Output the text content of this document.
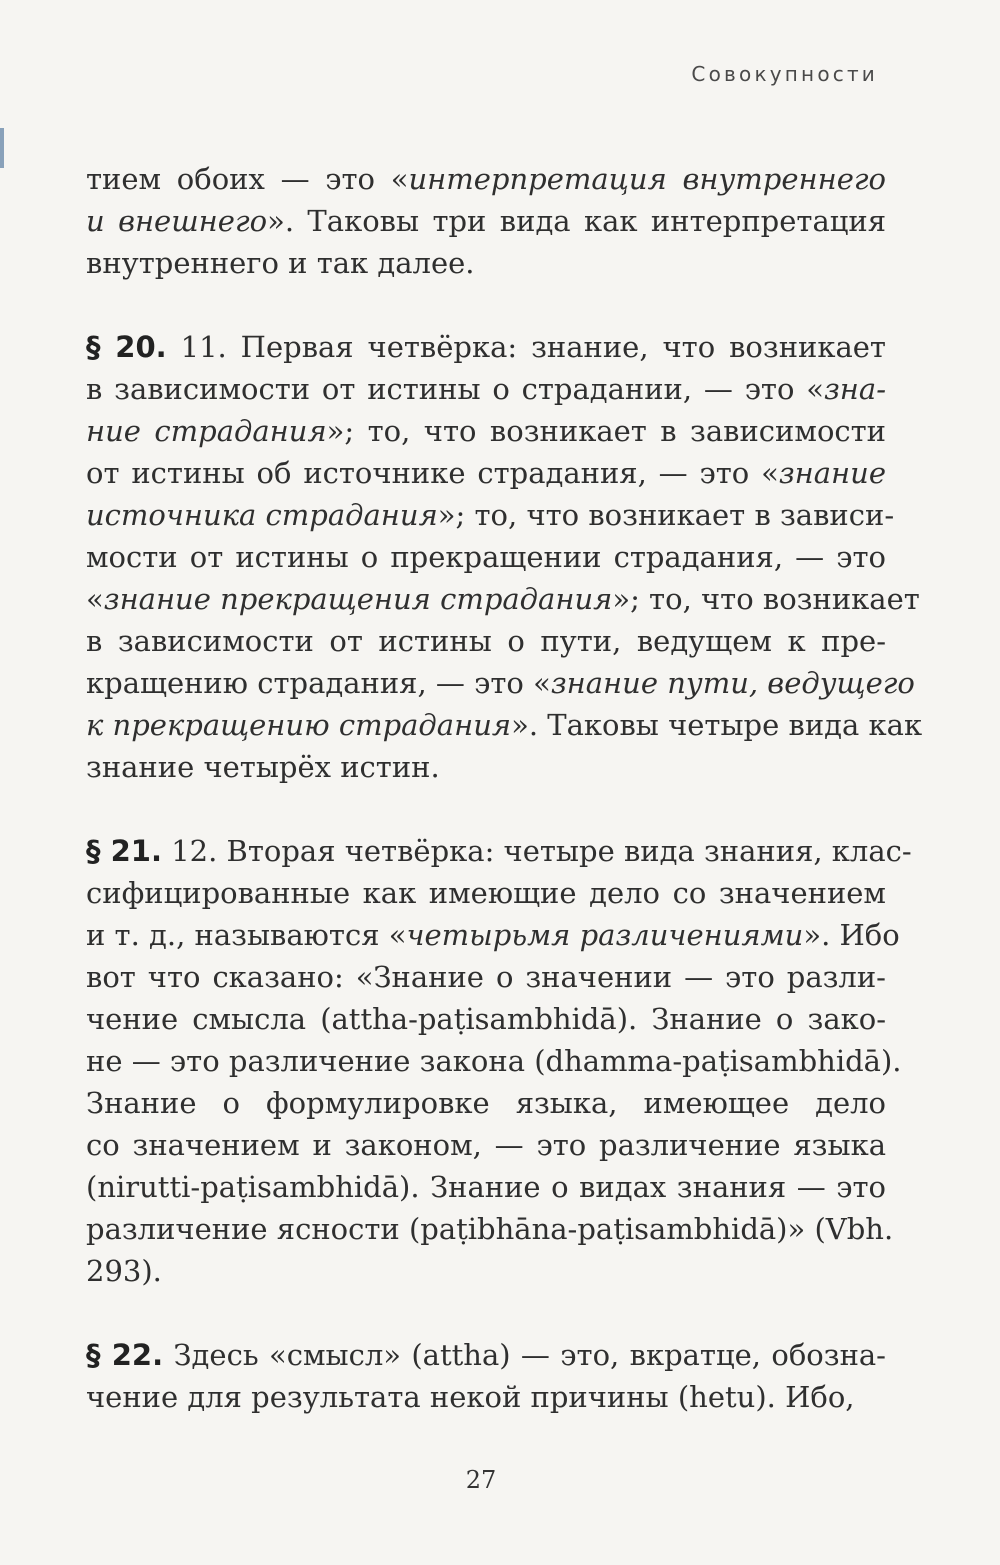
Совокупности
тием обоих — это «интерпретация внутреннего
и внешнего». Таковы три вида как интерпретация
внутреннего и так далее.
§ 20. 11. Первая четвёрка: знание, что возникает
в зависимости от истины о страдании, — это «зна-
ние страдания»; то, что возникает в зависимости
от истины об источнике страдания, — это «знание
источника страдания»; то, что возникает в зависи-
мости от истины о прекращении страдания, — это
«знание прекращения страдания»; то, что возникает
в зависимости от истины о пути, ведущем к пре-
кращению страдания, — это «знание пути, ведущего
к прекращению страдания». Таковы четыре вида как
знание четырёх истин.
§ 21. 12. Вторая четвёрка: четыре вида знания, клас-
сифицированные как имеющие дело со значением
и т. д., называются «четырьмя различениями». Ибо
вот что сказано: «Знание о значении — это разли-
чение смысла (attha-paṭisambhidā). Знание о зако-
не — это различение закона (dhamma-paṭisambhidā).
Знание о формулировке языка, имеющее дело
со значением и законом, — это различение языка
(nirutti-paṭisambhidā). Знание о видах знания — это
различение ясности (paṭibhāna-paṭisambhidā)» (Vbh.
293).
§ 22. Здесь «смысл» (attha) — это, вкратце, обозна-
чение для результата некой причины (hetu). Ибо,
27
